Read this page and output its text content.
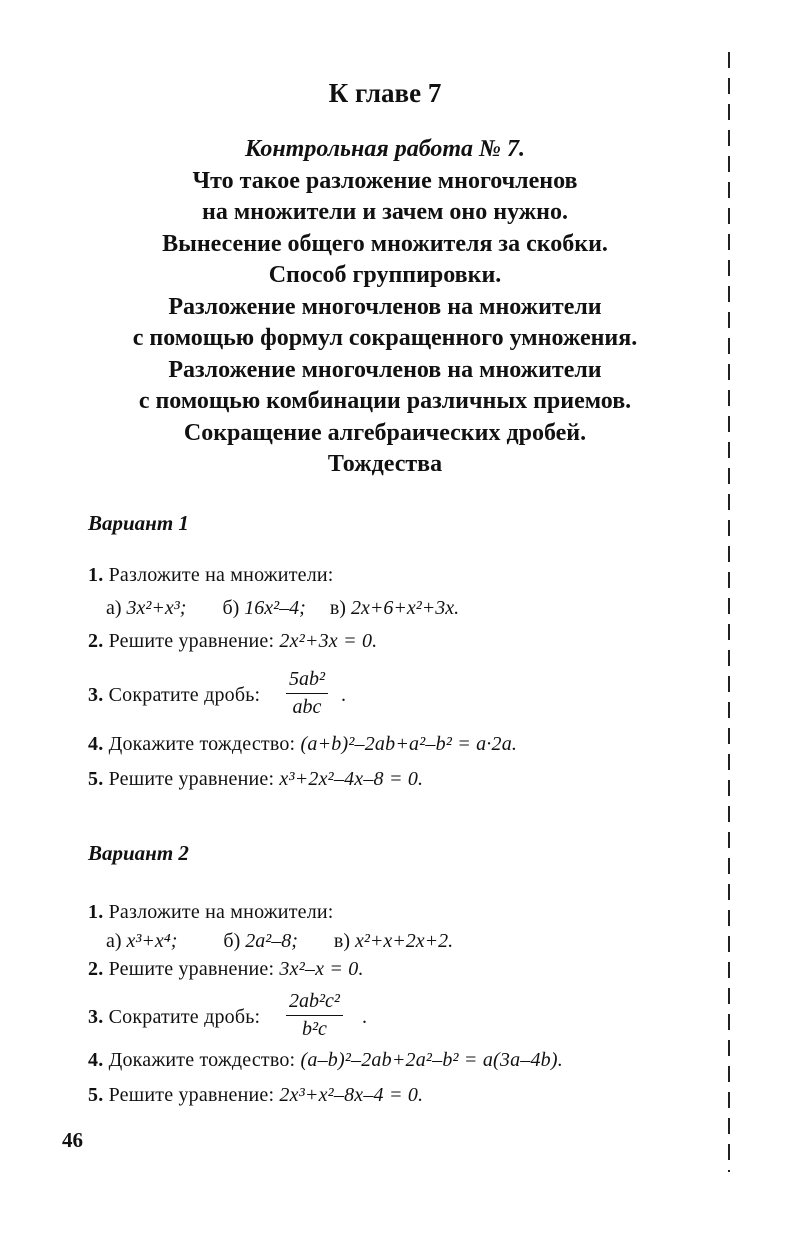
К главе 7
Контрольная работа № 7.
Что такое разложение многочленов
на множители и зачем оно нужно.
Вынесение общего множителя за скобки.
Способ группировки.
Разложение многочленов на множители
с помощью формул сокращенного умножения.
Разложение многочленов на множители
с помощью комбинации различных приемов.
Сокращение алгебраических дробей.
Тождества
Вариант 1
1. Разложите на множители:
а) 3x²+x³; б) 16x²–4; в) 2x+6+x²+3x.
2. Решите уравнение: 2x²+3x = 0.
3. Сократите дробь:
5ab²
abc
.
4. Докажите тождество: (a+b)²–2ab+a²–b² = a·2a.
5. Решите уравнение: x³+2x²–4x–8 = 0.
Вариант 2
1. Разложите на множители:
а) x³+x⁴; б) 2a²–8; в) x²+x+2x+2.
2. Решите уравнение: 3x²–x = 0.
3. Сократите дробь: $\frac{\text{2ab²c²}}{\text{b²c}}$ .
4. Докажите тождество: (a–b)²–2ab+2a²–b² = a(3a–4b).
5. Решите уравнение: 2x³+x²–8x–4 = 0.
46
